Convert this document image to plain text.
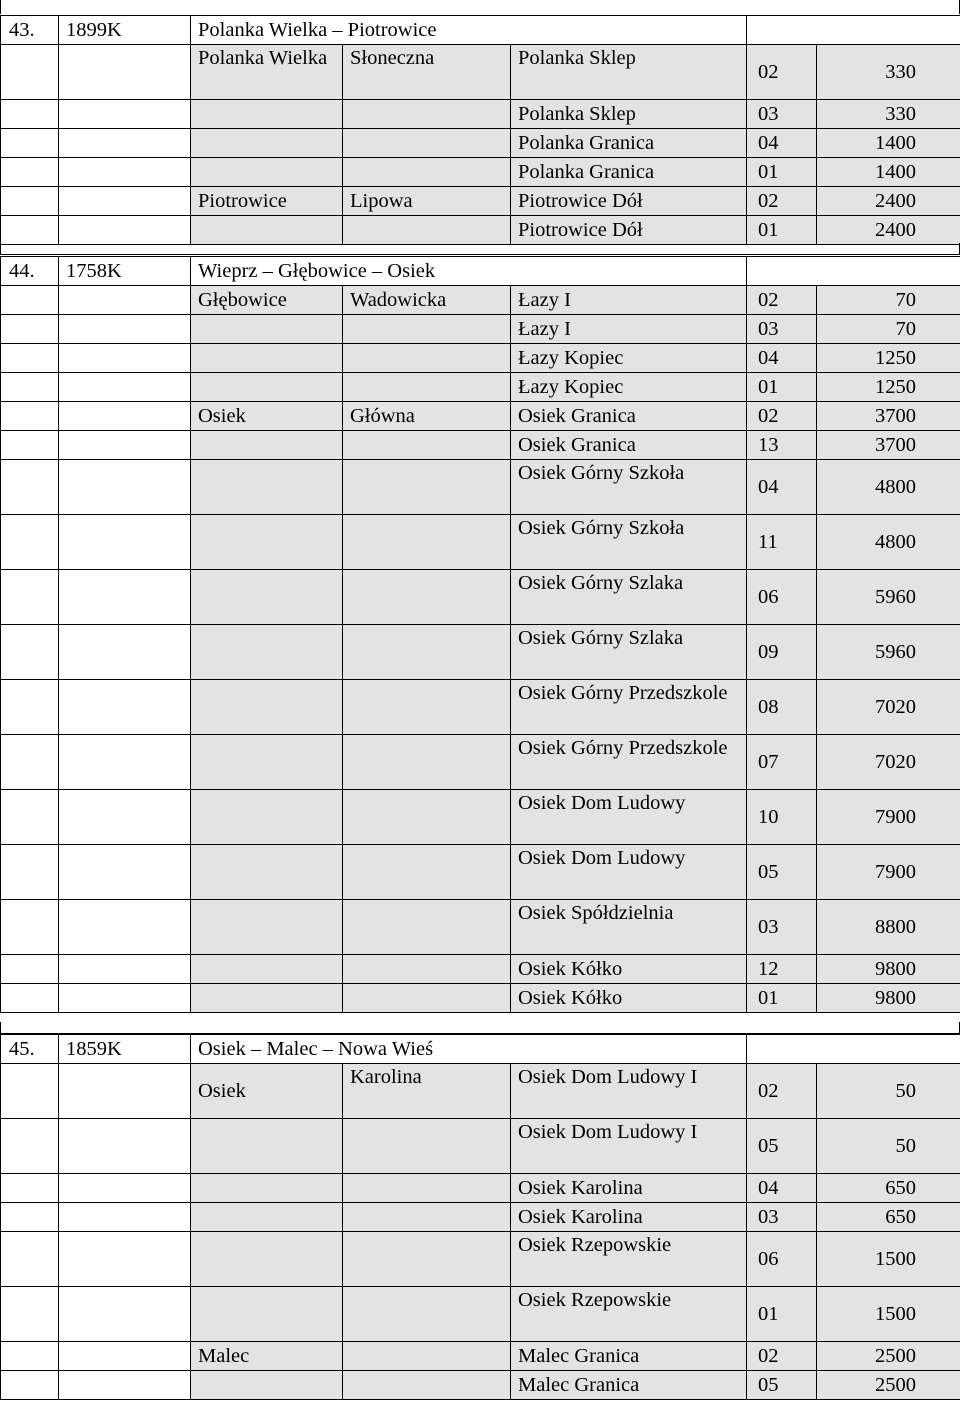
43.	1899K	Polanka Wielka – Piotrowice				
		Polanka Wielka	Słoneczna	Polanka Sklep	02	330
				Polanka Sklep	03	330
				Polanka Granica	04	1400
				Polanka Granica	01	1400
		Piotrowice	Lipowa	Piotrowice Dół	02	2400
				Piotrowice Dół	01	2400
44.	1758K	Wieprz – Głębowice – Osiek				
		Głębowice	Wadowicka	Łazy I	02	70
				Łazy I	03	70
				Łazy Kopiec	04	1250
				Łazy Kopiec	01	1250
		Osiek	Główna	Osiek Granica	02	3700
				Osiek Granica	13	3700
				Osiek Górny Szkoła	04	4800
				Osiek Górny Szkoła	11	4800
				Osiek Górny Szlaka	06	5960
				Osiek Górny Szlaka	09	5960
				Osiek Górny Przedszkole	08	7020
				Osiek Górny Przedszkole	07	7020
				Osiek Dom Ludowy	10	7900
				Osiek Dom Ludowy	05	7900
				Osiek Spółdzielnia	03	8800
				Osiek Kółko	12	9800
				Osiek Kółko	01	9800
45.	1859K	Osiek – Malec – Nowa Wieś				
		Osiek	Karolina	Osiek Dom Ludowy I	02	50
				Osiek Dom Ludowy I	05	50
				Osiek Karolina	04	650
				Osiek Karolina	03	650
				Osiek Rzepowskie	06	1500
				Osiek Rzepowskie	01	1500
		Malec		Malec Granica	02	2500
				Malec Granica	05	2500
